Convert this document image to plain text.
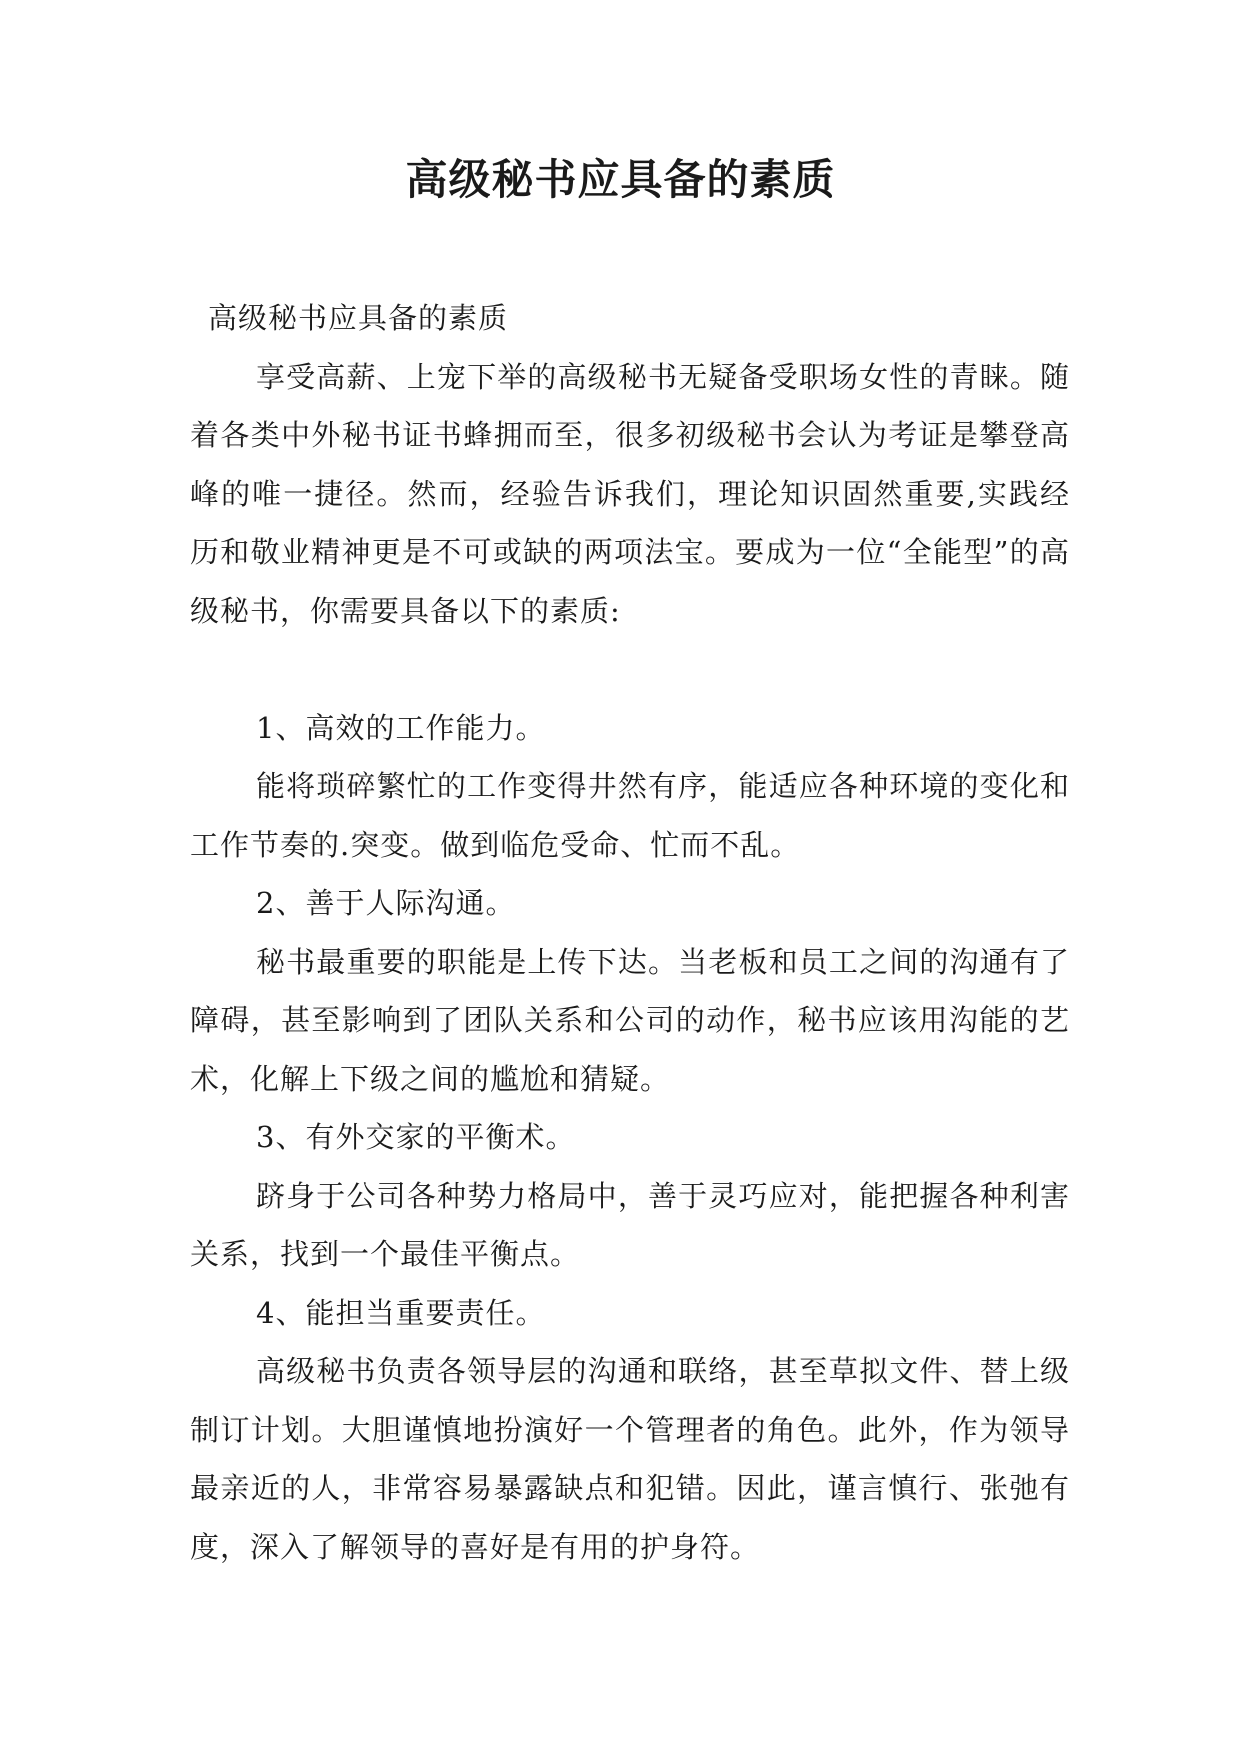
高级秘书应具备的素质

高级秘书应具备的素质

享受高薪、上宠下举的高级秘书无疑备受职场女性的青睐。随着各类中外秘书证书蜂拥而至，很多初级秘书会认为考证是攀登高峰的唯一捷径。然而，经验告诉我们，理论知识固然重要,实践经历和敬业精神更是不可或缺的两项法宝。要成为一位“全能型”的高级秘书，你需要具备以下的素质:

1、高效的工作能力。

能将琐碎繁忙的工作变得井然有序，能适应各种环境的变化和工作节奏的.突变。做到临危受命、忙而不乱。

2、善于人际沟通。

秘书最重要的职能是上传下达。当老板和员工之间的沟通有了障碍，甚至影响到了团队关系和公司的动作，秘书应该用沟能的艺术，化解上下级之间的尴尬和猜疑。

3、有外交家的平衡术。

跻身于公司各种势力格局中，善于灵巧应对，能把握各种利害关系，找到一个最佳平衡点。

4、能担当重要责任。

高级秘书负责各领导层的沟通和联络，甚至草拟文件、替上级制订计划。大胆谨慎地扮演好一个管理者的角色。此外，作为领导最亲近的人，非常容易暴露缺点和犯错。因此，谨言慎行、张弛有度，深入了解领导的喜好是有用的护身符。
